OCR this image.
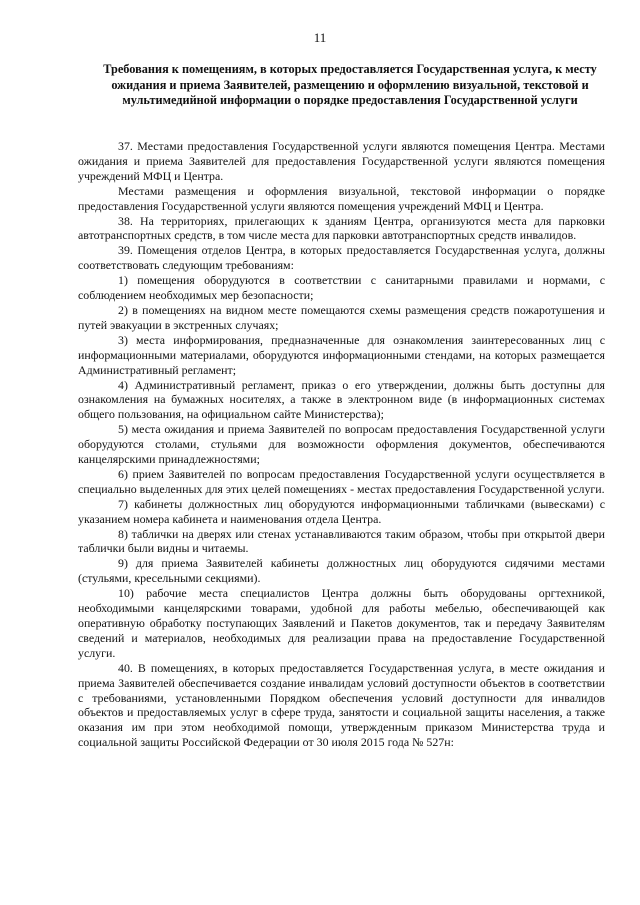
11
Требования к помещениям, в которых предоставляется Государственная услуга, к месту ожидания и приема Заявителей, размещению и оформлению визуальной, текстовой и мультимедийной информации о порядке предоставления Государственной услуги

37. Местами предоставления Государственной услуги являются помещения Центра. Местами ожидания и приема Заявителей для предоставления Государственной услуги являются помещения учреждений МФЦ и Центра.

Местами размещения и оформления визуальной, текстовой информации о порядке предоставления Государственной услуги являются помещения учреждений МФЦ и Центра.

38. На территориях, прилегающих к зданиям Центра, организуются места для парковки автотранспортных средств, в том числе места для парковки автотранспортных средств инвалидов.

39. Помещения отделов Центра, в которых предоставляется Государственная услуга, должны соответствовать следующим требованиям:

1) помещения оборудуются в соответствии с санитарными правилами и нормами, с соблюдением необходимых мер безопасности;

2) в помещениях на видном месте помещаются схемы размещения средств пожаротушения и путей эвакуации в экстренных случаях;

3) места информирования, предназначенные для ознакомления заинтересованных лиц с информационными материалами, оборудуются информационными стендами, на которых размещается Административный регламент;

4) Административный регламент, приказ о его утверждении, должны быть доступны для ознакомления на бумажных носителях, а также в электронном виде (в информационных системах общего пользования, на официальном сайте Министерства);

5) места ожидания и приема Заявителей по вопросам предоставления Государственной услуги оборудуются столами, стульями для возможности оформления документов, обеспечиваются канцелярскими принадлежностями;

6) прием Заявителей по вопросам предоставления Государственной услуги осуществляется в специально выделенных для этих целей помещениях - местах предоставления Государственной услуги.

7) кабинеты должностных лиц оборудуются информационными табличками (вывесками) с указанием номера кабинета и наименования отдела Центра.

8) таблички на дверях или стенах устанавливаются таким образом, чтобы при открытой двери таблички были видны и читаемы.

9) для приема Заявителей кабинеты должностных лиц оборудуются сидячими местами (стульями, кресельными секциями).

10) рабочие места специалистов Центра должны быть оборудованы оргтехникой, необходимыми канцелярскими товарами, удобной для работы мебелью, обеспечивающей как оперативную обработку поступающих Заявлений и Пакетов документов, так и передачу Заявителям сведений и материалов, необходимых для реализации права на предоставление Государственной услуги.

40. В помещениях, в которых предоставляется Государственная услуга, в месте ожидания и приема Заявителей обеспечивается создание инвалидам условий доступности объектов в соответствии с требованиями, установленными Порядком обеспечения условий доступности для инвалидов объектов и предоставляемых услуг в сфере труда, занятости и социальной защиты населения, а также оказания им при этом необходимой помощи, утвержденным приказом Министерства труда и социальной защиты Российской Федерации от 30 июля 2015 года № 527н:
